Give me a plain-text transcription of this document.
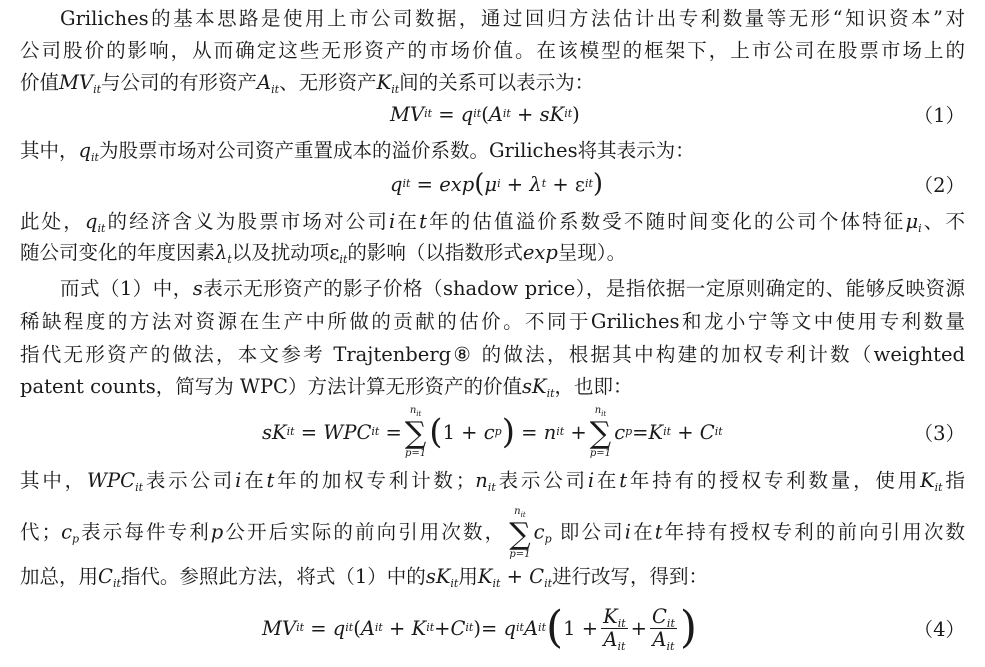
Griliches的基本思路是使用上市公司数据，通过回归方法估计出专利数量等无形“知识资本”对
公司股价的影响，从而确定这些无形资产的市场价值。在该模型的框架下，上市公司在股票市场上的
价值$MV_{it}$与公司的有形资产$A_{it}$、无形资产$K_{it}$间的关系可以表示为：
MV it = q it ( A it + sK it )	（1）
其中，$q_{it}$为股票市场对公司资产重置成本的溢价系数。Griliches将其表示为：
q it = exp ( μ i + λ t + ε it )	（2）
此处，$q_{it}$的经济含义为股票市场对公司i在t年的估值溢价系数受不随时间变化的公司个体特征$\mu_i$、不
随公司变化的年度因素$\lambda_t$以及扰动项$\varepsilon_{it}$的影响（以指数形式exp呈现）。
而式（1）中，s表示无形资产的影子价格（shadow price），是指依据一定原则确定的、能够反映资源
稀缺程度的方法对资源在生产中所做的贡献的估价。不同于Griliches和龙小宁等文中使用专利数量
指代无形资产的做法，本文参考 Trajtenberg⑧ 的做法，根据其中构建的加权专利计数（weighted
patent counts，简写为 WPC）方法计算无形资产的价值$sK_{it}$，也即：
sK it = WPC it =
$n_{it}$
∑
p=1
( 1 + c p ) = n it +
$n_{it}$
∑
p=1
c p = K it + C it	（3）
其中，$WPC_{it}$表示公司i在t年的加权专利计数；$n_{it}$表示公司i在t年持有的授权专利数量，使用$K_{it}$指
代；$c_p$表示每件专利p公开后实际的前向引用次数，
$n_{it}$
∑
p=1
$c_p$ 即公司i在t年持有授权专利的前向引用次数
加总，用$C_{it}$指代。参照此方法，将式（1）中的$sK_{it}$用$K_{it} + C_{it}$进行改写，得到：
MV it = q it ( A it + K it + C it )= q it A it ( $1 + \frac{K_{it}}{A_{it}} + \frac{C_{it}}{A_{it}}$ )	（4）
